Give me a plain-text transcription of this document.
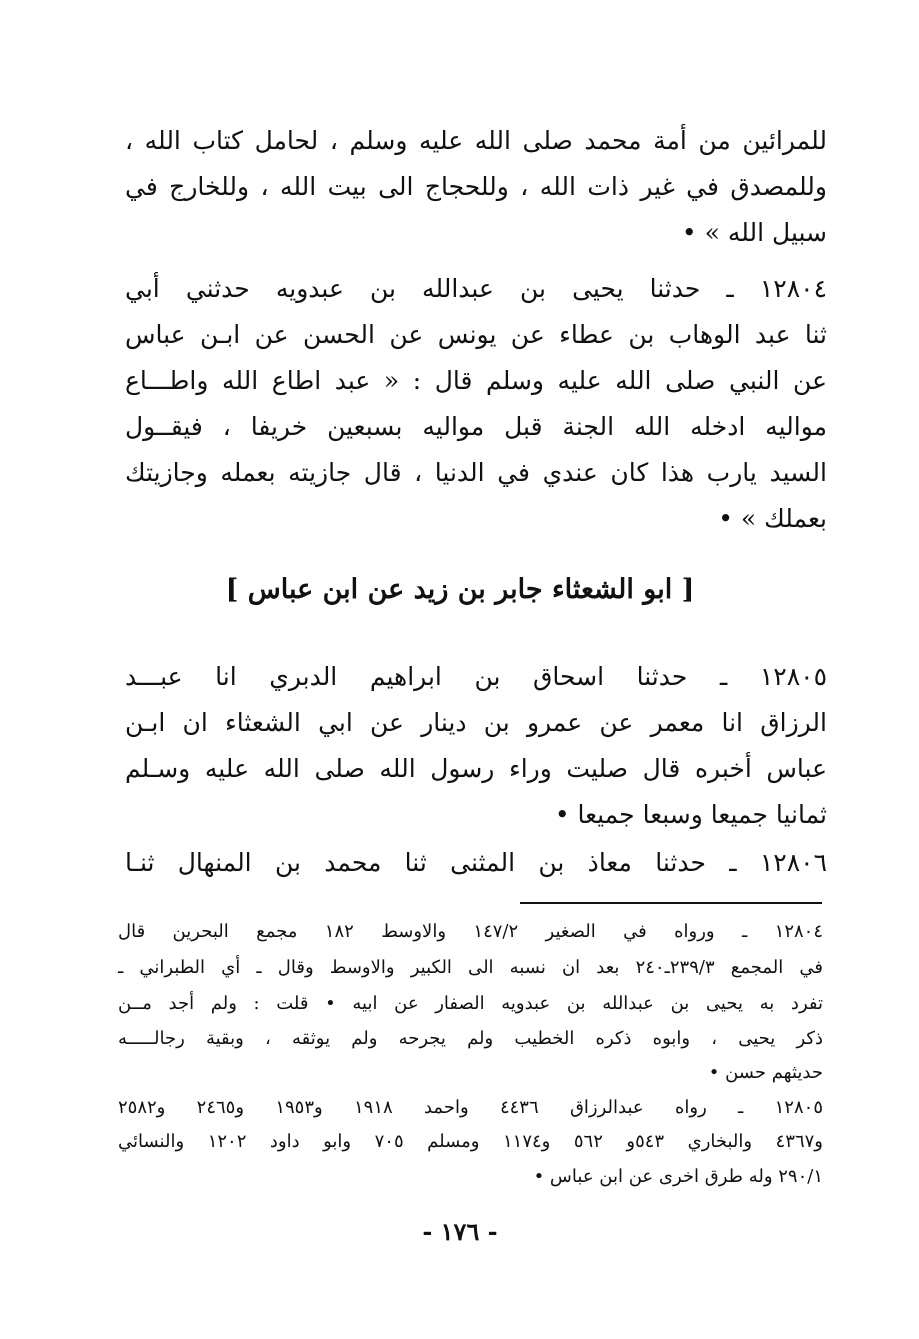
للمرائين من أمة محمد صلى الله عليه وسلم ، لحامل كتاب الله ،
وللمصدق في غير ذات الله ، وللحجاج الى بيت الله ، وللخارج في
سبيل الله » •
١٢٨٠٤ ـ حدثنا يحيى بن عبدالله بن عبدويه حدثني أبي
ثنا عبد الوهاب بن عطاء عن يونس عن الحسن عن ابـن عباس
عن النبي صلى الله عليه وسلم قال : « عبد اطاع الله واطـــاع
مواليه ادخله الله الجنة قبل مواليه بسبعين خريفا ، فيقــول
السيد يارب هذا كان عندي في الدنيا ، قال جازيته بعمله وجازيتك
بعملك » •
[ ابو الشعثاء جابر بن زيد عن ابن عباس ]
١٢٨٠٥ ـ حدثنا اسحاق بن ابراهيم الدبري انا عبـــد
الرزاق انا معمر عن عمرو بن دينار عن ابي الشعثاء ان ابـن
عباس أخبره قال صليت وراء رسول الله صلى الله عليه وسـلم
ثمانيا جميعا وسبعا جميعا •
١٢٨٠٦ ـ حدثنا معاذ بن المثنى ثنا محمد بن المنهال ثنـا
١٢٨٠٤ ـ ورواه في الصغير ١٤٧/٢ والاوسط ١٨٢ مجمع البحرين قال
في المجمع ٢٣٩/٣ـ٢٤٠ بعد ان نسبه الى الكبير والاوسط وقال ـ أي الطبراني ـ
تفرد به يحيى بن عبدالله بن عبدويه الصفار عن ابيه • قلت : ولم أجد مــن
ذكر يحيى ، وابوه ذكره الخطيب ولم يجرحه ولم يوثقه ، وبقية رجالـــــه
حديثهم حسن •
١٢٨٠٥ ـ رواه عبدالرزاق ٤٤٣٦ واحمد ١٩١٨ و١٩٥٣ و٢٤٦٥ و٢٥٨٢
و٤٣٦٧ والبخاري ٥٤٣و ٥٦٢ و١١٧٤ ومسلم ٧٠٥ وابو داود ١٢٠٢ والنسائي
٢٩٠/١ وله طرق اخرى عن ابن عباس •
- ١٧٦ -
